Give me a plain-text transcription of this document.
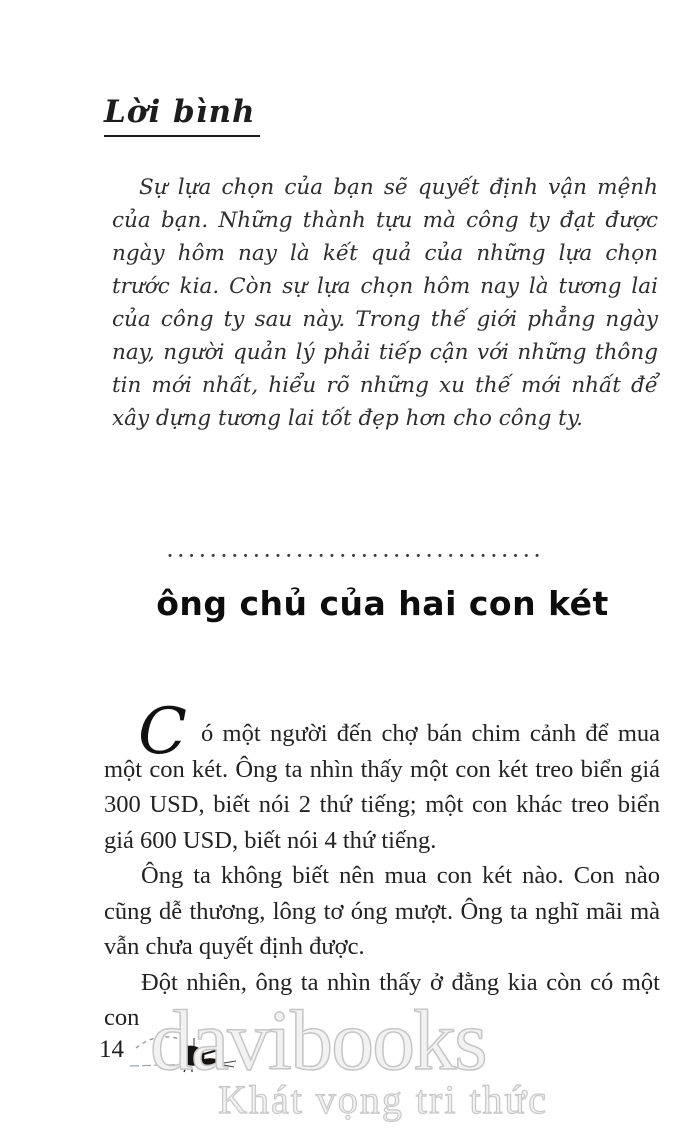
Lời bình
Sự lựa chọn của bạn sẽ quyết định vận mệnh của bạn. Những thành tựu mà công ty đạt được ngày hôm nay là kết quả của những lựa chọn trước kia. Còn sự lựa chọn hôm nay là tương lai của công ty sau này. Trong thế giới phẳng ngày nay, người quản lý phải tiếp cận với những thông tin mới nhất, hiểu rõ những xu thế mới nhất để xây dựng tương lai tốt đẹp hơn cho công ty.
ông chủ của hai con két
C ó một người đến chợ bán chim cảnh để mua một con két. Ông ta nhìn thấy một con két treo biển giá 300 USD, biết nói 2 thứ tiếng; một con khác treo biển giá 600 USD, biết nói 4 thứ tiếng.

Ông ta không biết nên mua con két nào. Con nào cũng dễ thương, lông tơ óng mượt. Ông ta nghĩ mãi mà vẫn chưa quyết định được.

Đột nhiên, ông ta nhìn thấy ở đằng kia còn có một con

14 davibooks
Khát vọng tri thức
